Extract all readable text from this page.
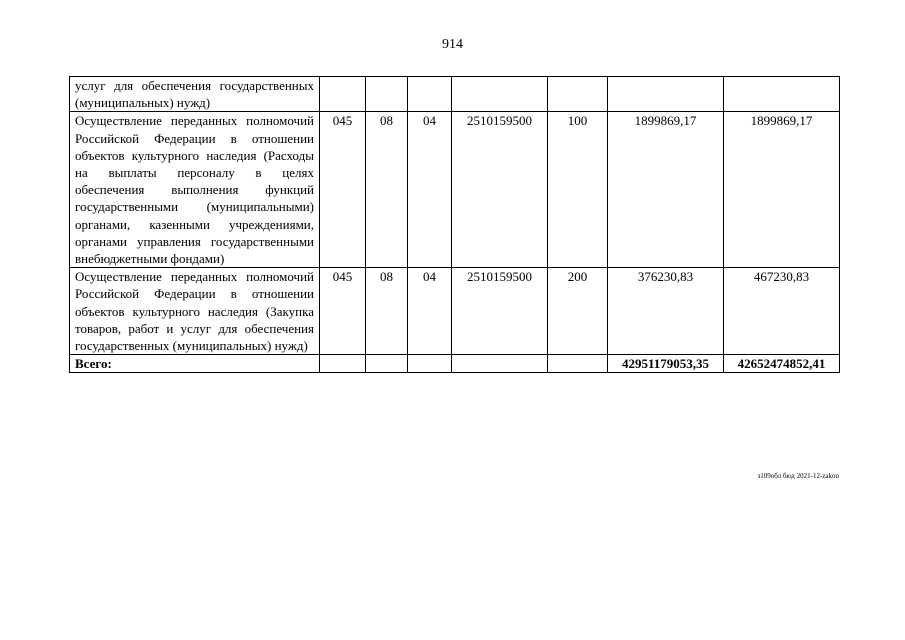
914
услуг для обеспечения государственных (муниципальных) нужд)							
Осуществление переданных полномочий Российской Федерации в отношении объектов культурного наследия (Расходы на выплаты персоналу в целях обеспечения выполнения функций государственными (муниципальными) органами, казенными учреждениями, органами управления государственными внебюджетными фондами)	045	08	04	2510159500	100	1899869,17	1899869,17
Осуществление переданных полномочий Российской Федерации в отношении объектов культурного наследия (Закупка товаров, работ и услуг для обеспечения государственных (муниципальных) нужд)	045	08	04	2510159500	200	376230,83	467230,83
Всего:						42951179053,35	42652474852,41
з109обл бюд 2021-12-zakon
